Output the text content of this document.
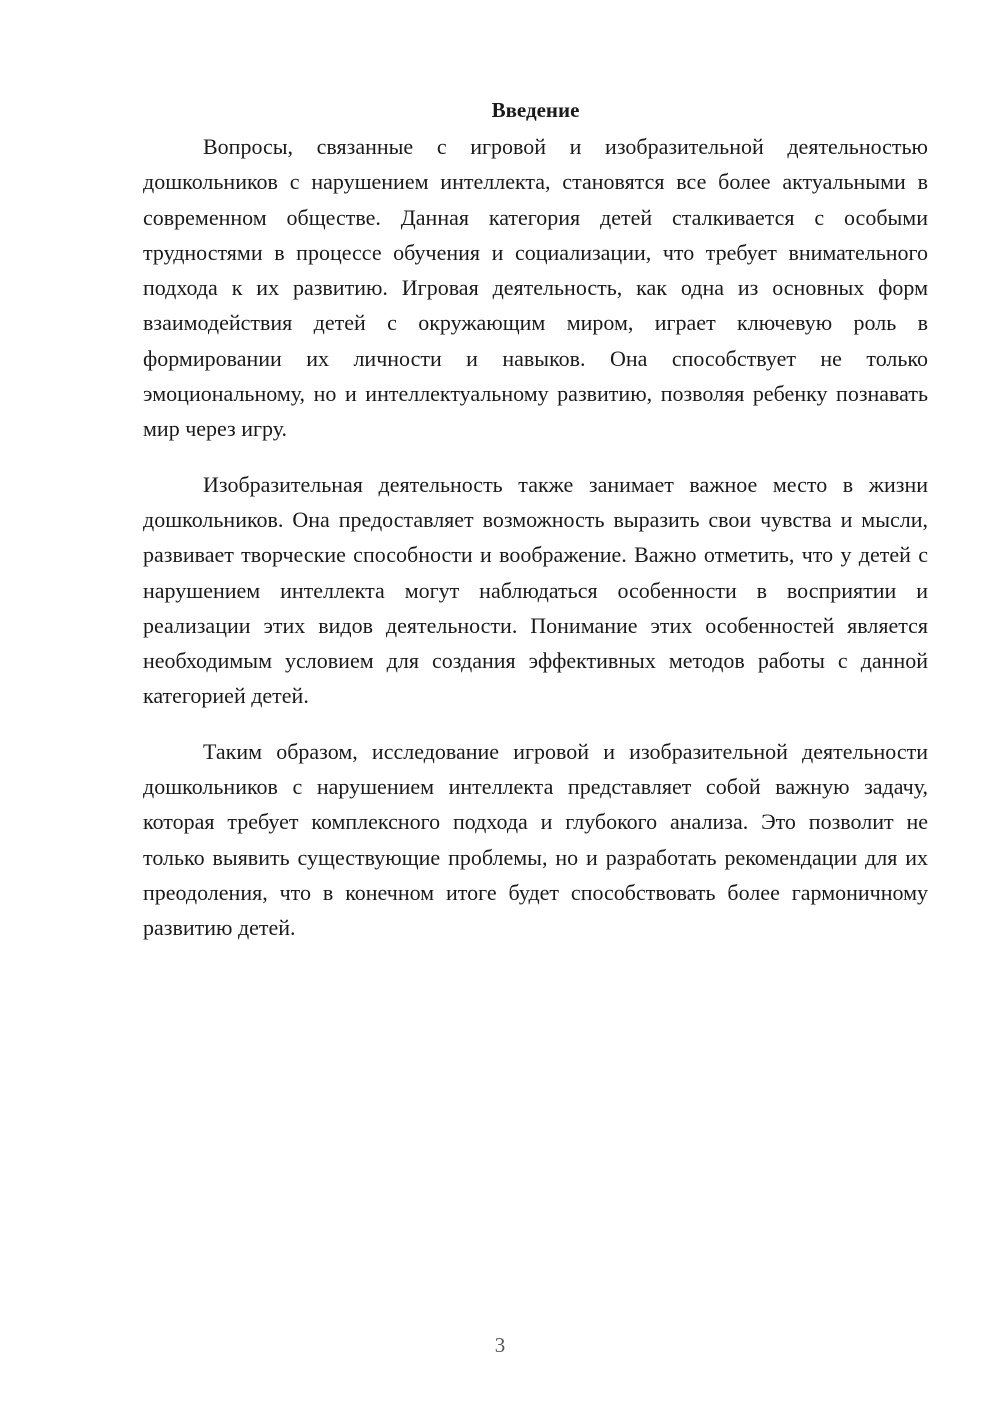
Введение

Вопросы, связанные с игровой и изобразительной деятельностью дошкольников с нарушением интеллекта, становятся все более актуальными в современном обществе. Данная категория детей сталкивается с особыми трудностями в процессе обучения и социализации, что требует внимательного подхода к их развитию. Игровая деятельность, как одна из основных форм взаимодействия детей с окружающим миром, играет ключевую роль в формировании их личности и навыков. Она способствует не только эмоциональному, но и интеллектуальному развитию, позволяя ребенку познавать мир через игру.

Изобразительная деятельность также занимает важное место в жизни дошкольников. Она предоставляет возможность выразить свои чувства и мысли, развивает творческие способности и воображение. Важно отметить, что у детей с нарушением интеллекта могут наблюдаться особенности в восприятии и реализации этих видов деятельности. Понимание этих особенностей является необходимым условием для создания эффективных методов работы с данной категорией детей.

Таким образом, исследование игровой и изобразительной деятельности дошкольников с нарушением интеллекта представляет собой важную задачу, которая требует комплексного подхода и глубокого анализа. Это позволит не только выявить существующие проблемы, но и разработать рекомендации для их преодоления, что в конечном итоге будет способствовать более гармоничному развитию детей.

3
